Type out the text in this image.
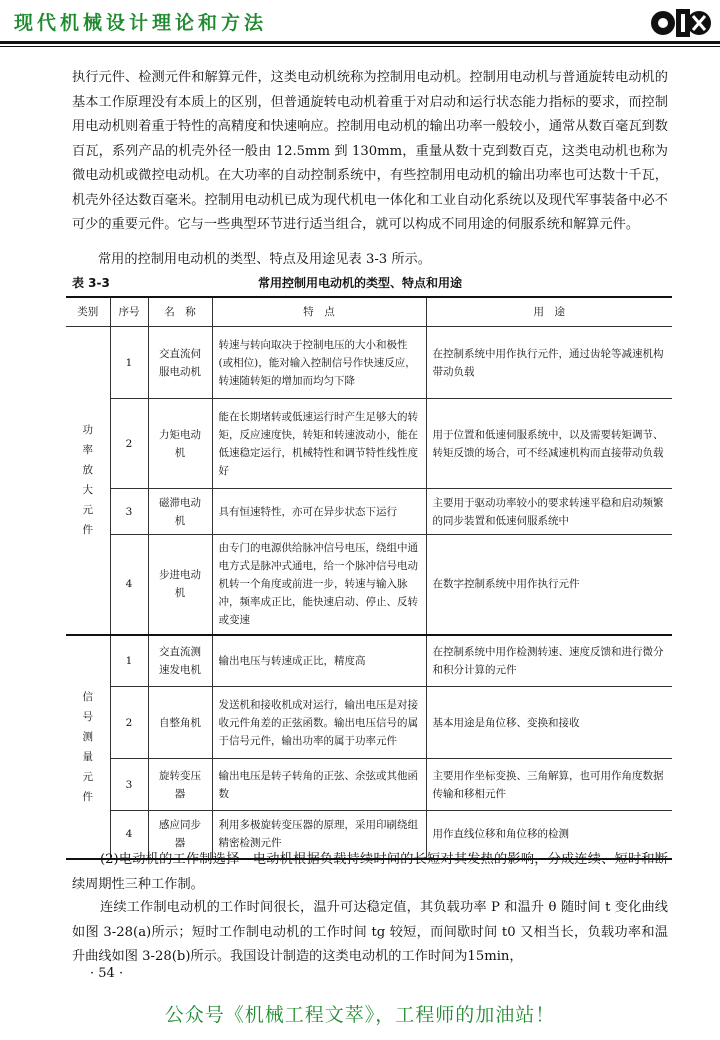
现代机械设计理论和方法

执行元件、检测元件和解算元件，这类电动机统称为控制用电动机。控制用电动机与普通旋转电动机的基本工作原理没有本质上的区别，但普通旋转电动机着重于对启动和运行状态能力指标的要求，而控制用电动机则着重于特性的高精度和快速响应。控制用电动机的输出功率一般较小，通常从数百毫瓦到数百瓦，系列产品的机壳外径一般由 12.5mm 到 130mm，重量从数十克到数百克，这类电动机也称为微电动机或微控电动机。在大功率的自动控制系统中，有些控制用电动机的输出功率也可达数十千瓦，机壳外径达数百毫米。控制用电动机已成为现代机电一体化和工业自动化系统以及现代军事装备中必不可少的重要元件。它与一些典型环节进行适当组合，就可以构成不同用途的伺服系统和解算元件。

常用的控制用电动机的类型、特点及用途见表 3-3 所示。

表 3-3	常用控制用电动机的类型、特点和用途
类别	序号	名　称	特　点	用　途
功率放大元件	1	交直流伺服电动机	转速与转向取决于控制电压的大小和极性(或相位)，能对输入控制信号作快速反应，转速随转矩的增加而均匀下降	在控制系统中用作执行元件，通过齿轮等减速机构带动负载
	2	力矩电动机	能在长期堵转或低速运行时产生足够大的转矩，反应速度快，转矩和转速波动小，能在低速稳定运行，机械特性和调节特性线性度好	用于位置和低速伺服系统中，以及需要转矩调节、转矩反馈的场合，可不经减速机构而直接带动负载
	3	磁滞电动机	具有恒速特性，亦可在异步状态下运行	主要用于驱动功率较小的要求转速平稳和启动频繁的同步装置和低速伺服系统中
	4	步进电动机	由专门的电源供给脉冲信号电压，绕组中通电方式是脉冲式通电，给一个脉冲信号电动机转一个角度或前进一步，转速与输入脉冲，频率成正比，能快速启动、停止、反转或变速	在数字控制系统中用作执行元件
信号测量元件	1	交直流测速发电机	输出电压与转速成正比，精度高	在控制系统中用作检测转速、速度反馈和进行微分和积分计算的元件
	2	自整角机	发送机和接收机成对运行，输出电压是对接收元件角差的正弦函数。输出电压信号的属于信号元件，输出功率的属于功率元件	基本用途是角位移、变换和接收
	3	旋转变压器	输出电压是转子转角的正弦、余弦或其他函数	主要用作坐标变换、三角解算，也可用作角度数据传输和移相元件
	4	感应同步器	利用多极旋转变压器的原理，采用印刷绕组精密检测元件	用作直线位移和角位移的检测

(2)电动机的工作制选择　电动机根据负载持续时间的长短对其发热的影响，分成连续、短时和断续周期性三种工作制。

连续工作制电动机的工作时间很长，温升可达稳定值，其负载功率 P 和温升 θ 随时间 t 变化曲线如图 3-28(a)所示；短时工作制电动机的工作时间 tg 较短，而间歇时间 t0 又相当长，负载功率和温升曲线如图 3-28(b)所示。我国设计制造的这类电动机的工作时间为15min，

· 54 ·
公众号《机械工程文萃》，工程师的加油站！
